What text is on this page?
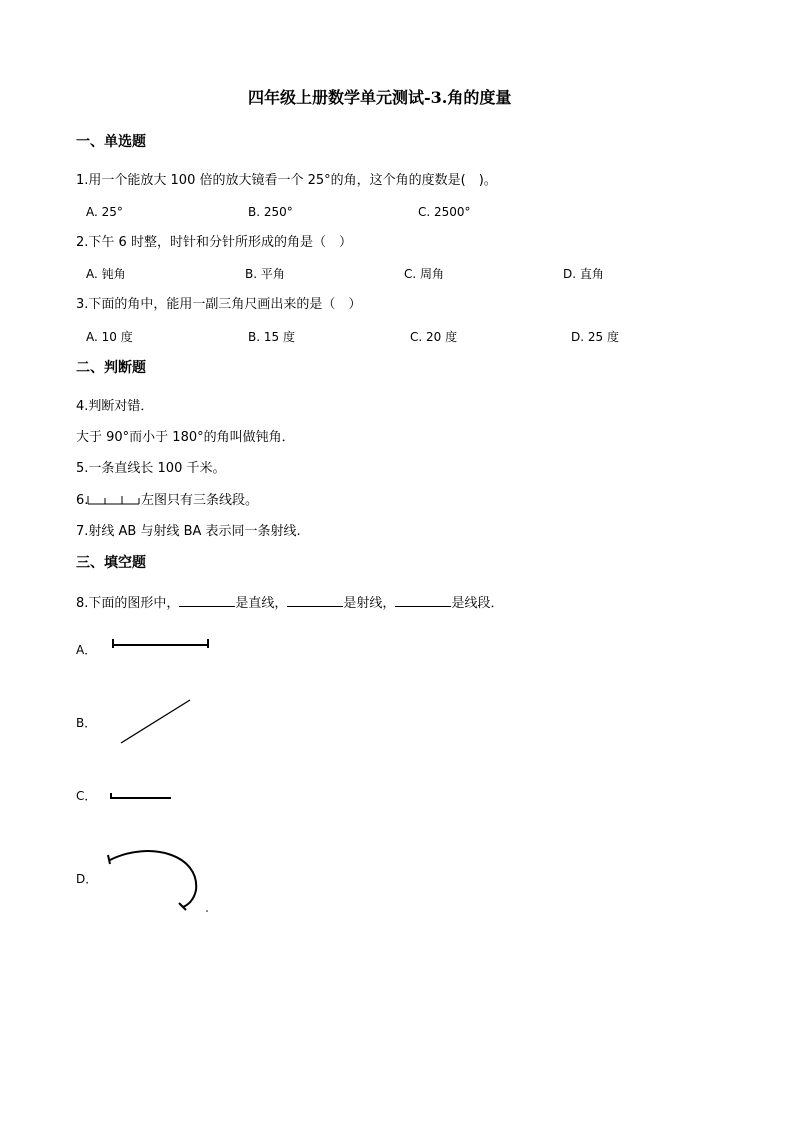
四年级上册数学单元测试-3.角的度量
一、单选题
1.用一个能放大 100 倍的放大镜看一个 25°的角，这个角的度数是(　)。
A. 25°	B. 250°	C. 2500°
2.下午 6 时整，时针和分针所形成的角是（　）
A. 钝角	B. 平角	C. 周角	D. 直角
3.下面的角中，能用一副三角尺画出来的是（　）
A. 10 度	B. 15 度	C. 20 度	D. 25 度
二、判断题
4.判断对错．
大于 90°而小于 180°的角叫做钝角．
5.一条直线长 100 千米。
6.	左图只有三条线段。
7.射线 AB 与射线 BA 表示同一条射线.
三、填空题
8.下面的图形中，	是直线，	是射线，	是线段．
A．
B．
C．
D．
